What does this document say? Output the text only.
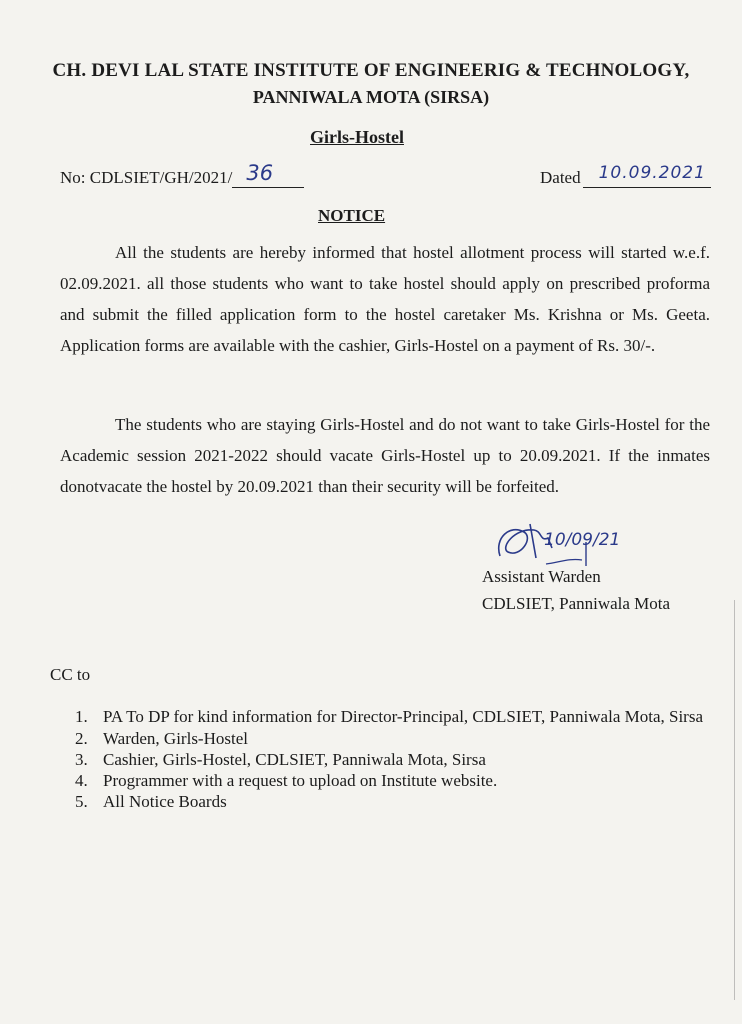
CH. DEVI LAL STATE INSTITUTE OF ENGINEERIG & TECHNOLOGY,
PANNIWALA MOTA (SIRSA)
Girls-Hostel
No: CDLSIET/GH/2021/ 36	Dated 10.09.2021
NOTICE

All the students are hereby informed that hostel allotment process will started w.e.f. 02.09.2021. all those students who want to take hostel should apply on prescribed proforma and submit the filled application form to the hostel caretaker Ms. Krishna or Ms. Geeta. Application forms are available with the cashier, Girls-Hostel on a payment of Rs. 30/-.

The students who are staying Girls-Hostel and do not want to take Girls-Hostel for the Academic session 2021-2022 should vacate Girls-Hostel up to 20.09.2021. If the inmates donotvacate the hostel by 20.09.2021 than their security will be forfeited.

10/09/21
Assistant Warden
CDLSIET, Panniwala Mota
CC to
1. PA To DP for kind information for Director-Principal, CDLSIET, Panniwala Mota, Sirsa
2. Warden, Girls-Hostel
3. Cashier, Girls-Hostel, CDLSIET, Panniwala Mota, Sirsa
4. Programmer with a request to upload on Institute website.
5. All Notice Boards
